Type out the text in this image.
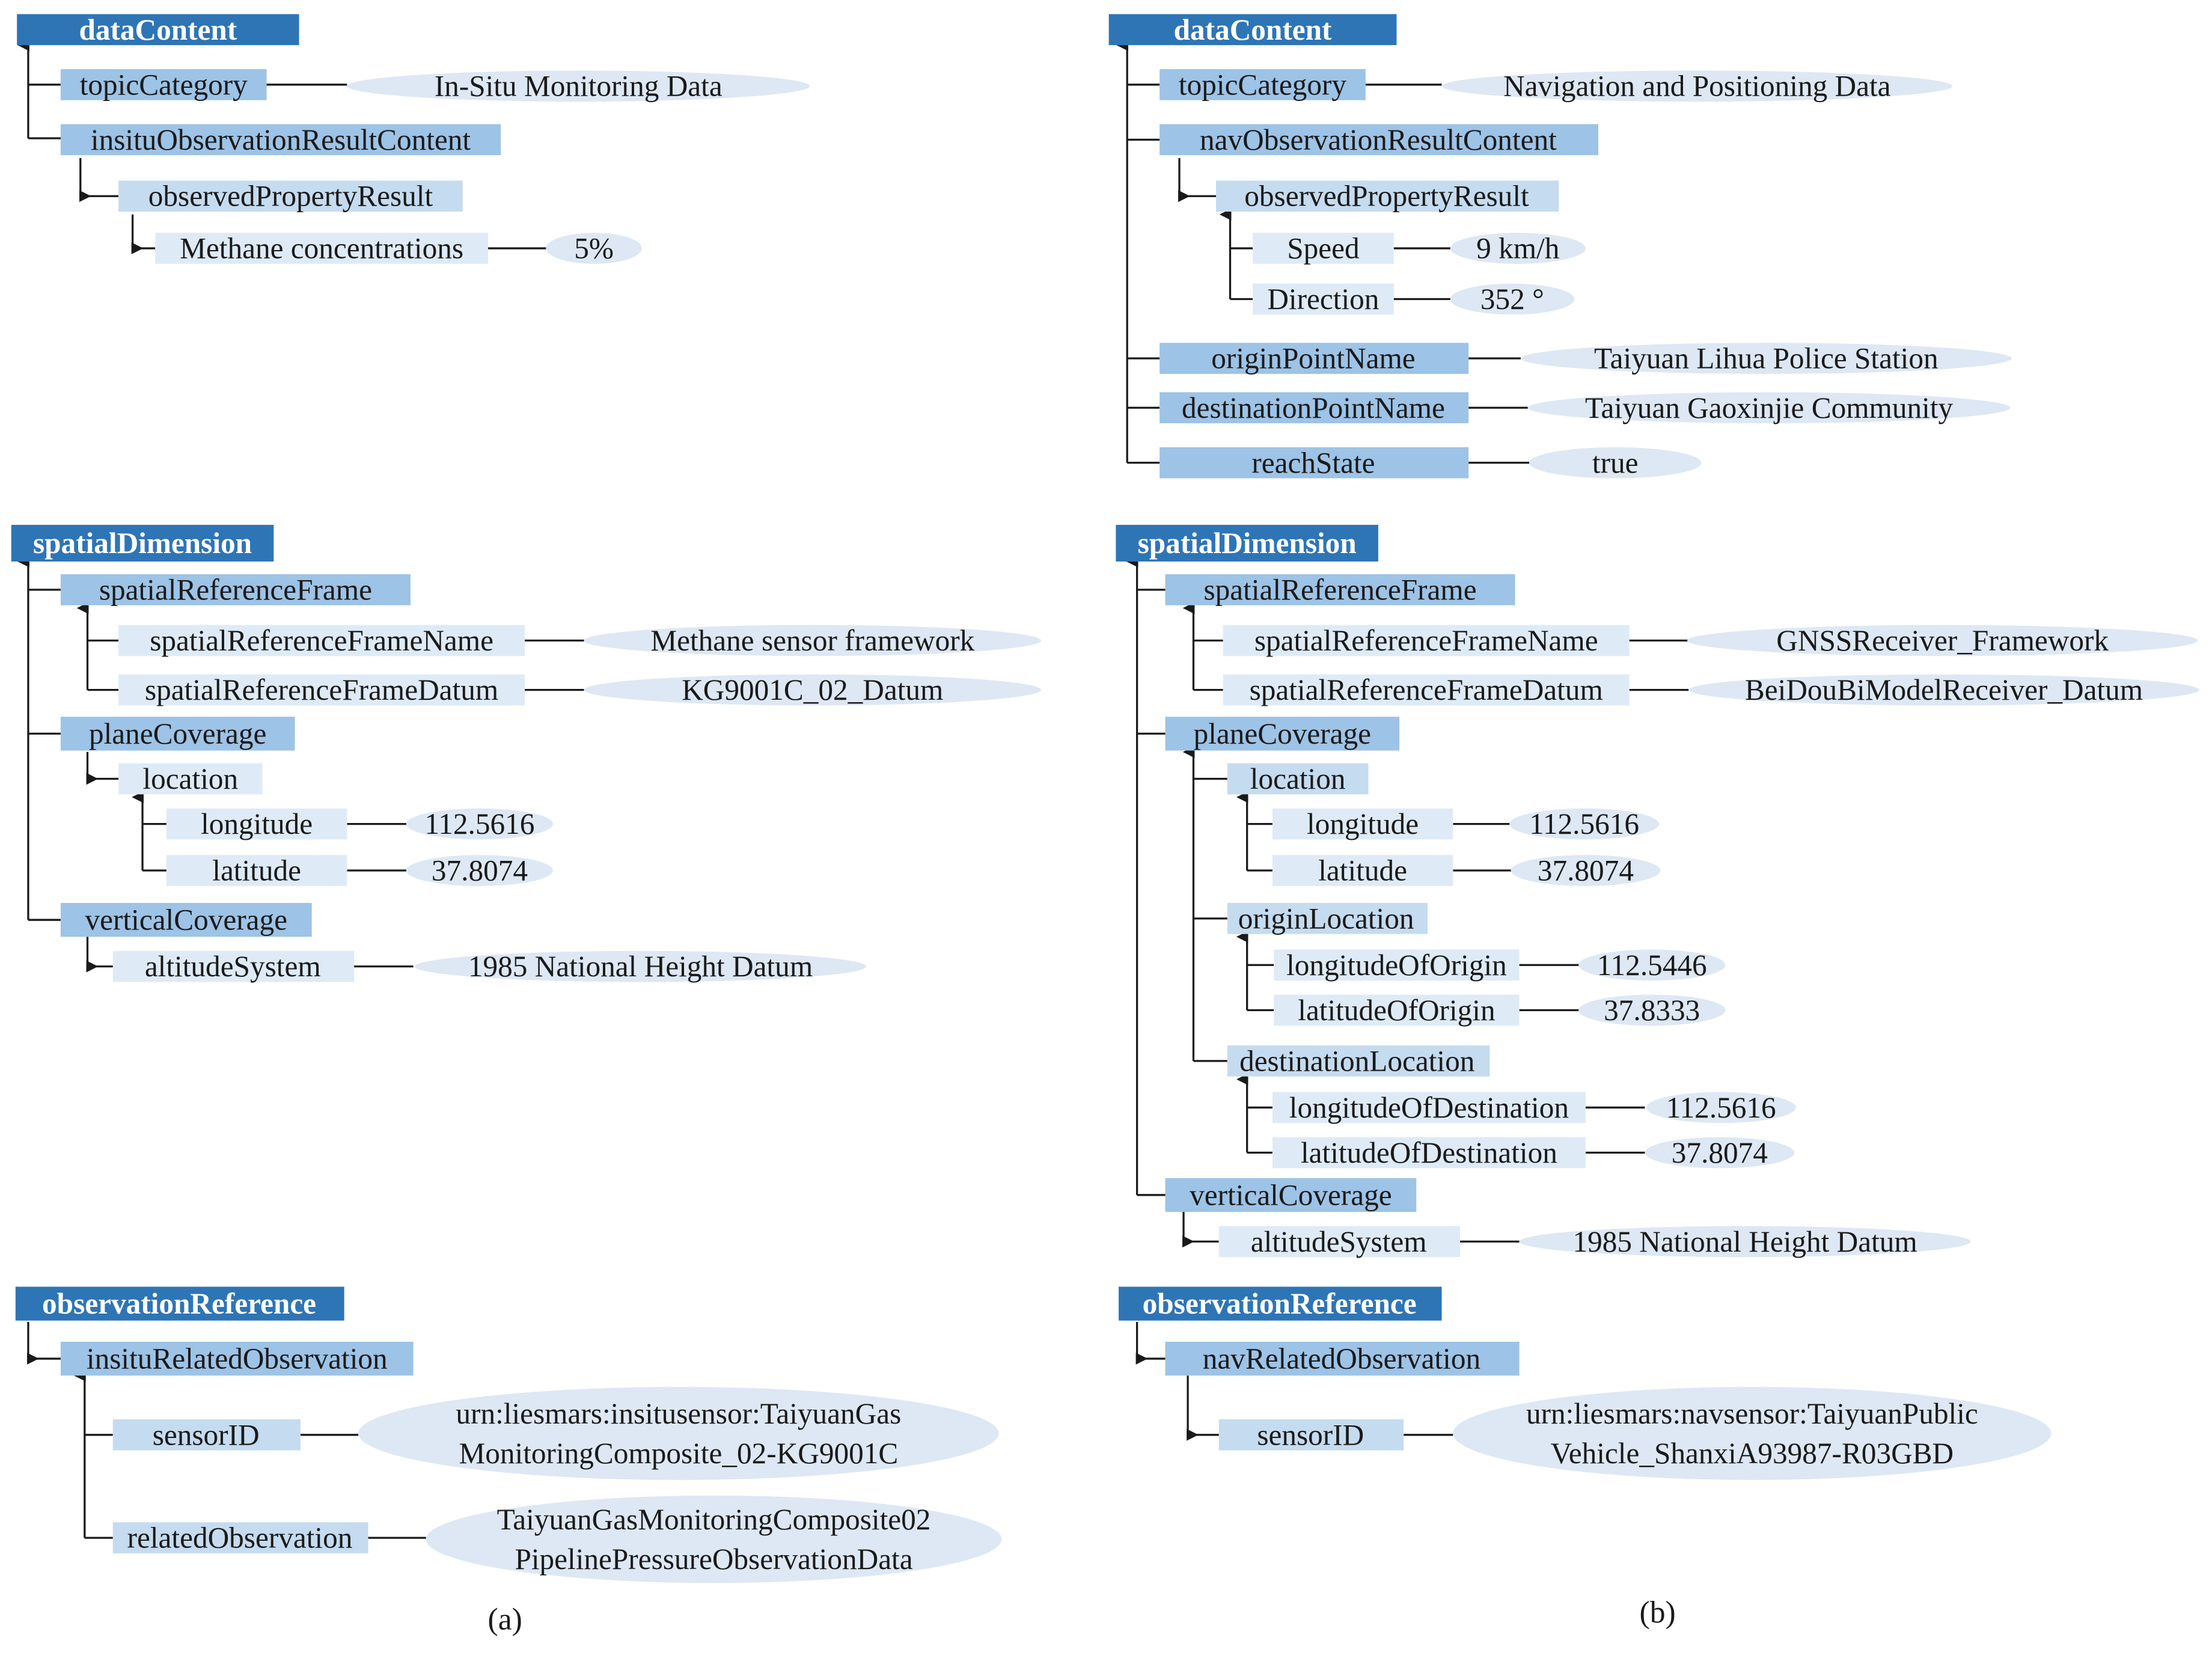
dataContent
topicCategory	In-Situ Monitoring Data
insituObservationResultContent
observedPropertyResult
Methane concentrations	5%
spatialDimension
spatialReferenceFrame
spatialReferenceFrameName	Methane sensor framework
spatialReferenceFrameDatum	KG9001C_02_Datum
planeCoverage
location
longitude	112.5616
latitude	37.8074
verticalCoverage
altitudeSystem	1985 National Height Datum
observationReference
insituRelatedObservation
sensorID
urn:liesmars:insitusensor:TaiyuanGas
MonitoringComposite_02-KG9001C
relatedObservation
TaiyuanGasMonitoringComposite02
PipelinePressureObservationData
(a)
dataContent
topicCategory	Navigation and Positioning Data
navObservationResultContent
observedPropertyResult
Speed	9 km/h
Direction	352 °
originPointName	Taiyuan Lihua Police Station
destinationPointName	Taiyuan Gaoxinjie Community
reachState	true
spatialDimension
spatialReferenceFrame
spatialReferenceFrameName	GNSSReceiver_Framework
spatialReferenceFrameDatum	BeiDouBiModelReceiver_Datum
planeCoverage
location
longitude	112.5616
latitude	37.8074
originLocation
longitudeOfOrigin	112.5446
latitudeOfOrigin	37.8333
destinationLocation
longitudeOfDestination	112.5616
latitudeOfDestination	37.8074
verticalCoverage
altitudeSystem	1985 National Height Datum
observationReference
navRelatedObservation
sensorID
urn:liesmars:navsensor:TaiyuanPublic
Vehicle_ShanxiA93987-R03GBD
(b)
